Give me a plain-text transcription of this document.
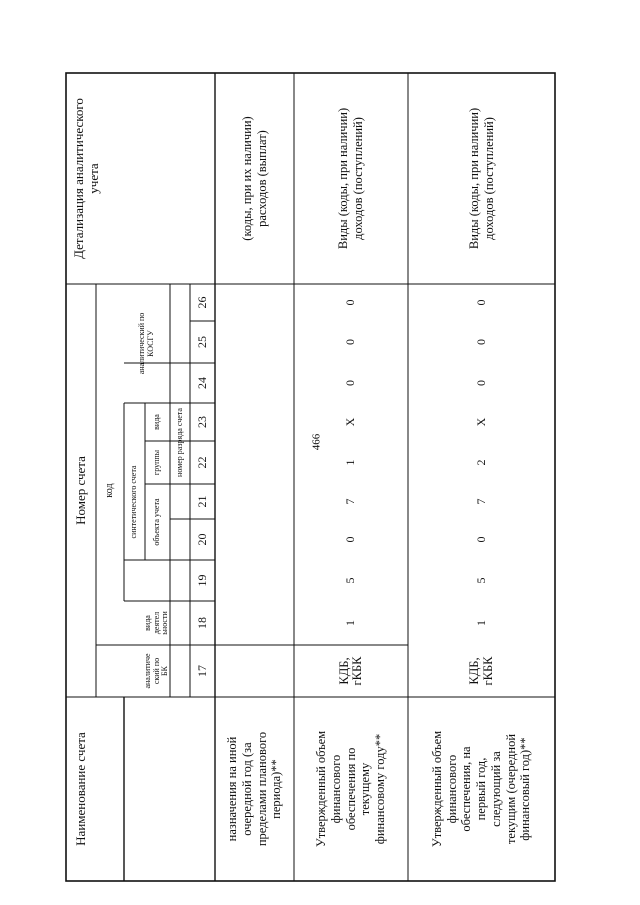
466
Наименование счета
Номер счета	код
аналитиче
ский по
БК
вида
деятел
ьности
синтетического счета	объекта учета
группы
вида
аналитический по
КОСГУ
номер разряда счета
Детализация аналитического
учета
17
18
19
20
21
22
23
24
25
26
назначения на иной
очередной год (за
пределами планового
периода)**
(коды, при их наличии)
расходов (выплат)
Утвержденный объем
финансового
обеспечения по
текущему
финансовому году**
КДБ,
гКБК
1
5
0
7
1
X
0
0
0
Виды (коды, при наличии)
доходов (поступлений)
Утвержденный объем
финансового
обеспечения, на
первый год,
следующий за
текущим (очередной
финансовый год)**
КДБ,
гКБК
1
5
0
7
2
X
0
0
0
Виды (коды, при наличии)
доходов (поступлений)
